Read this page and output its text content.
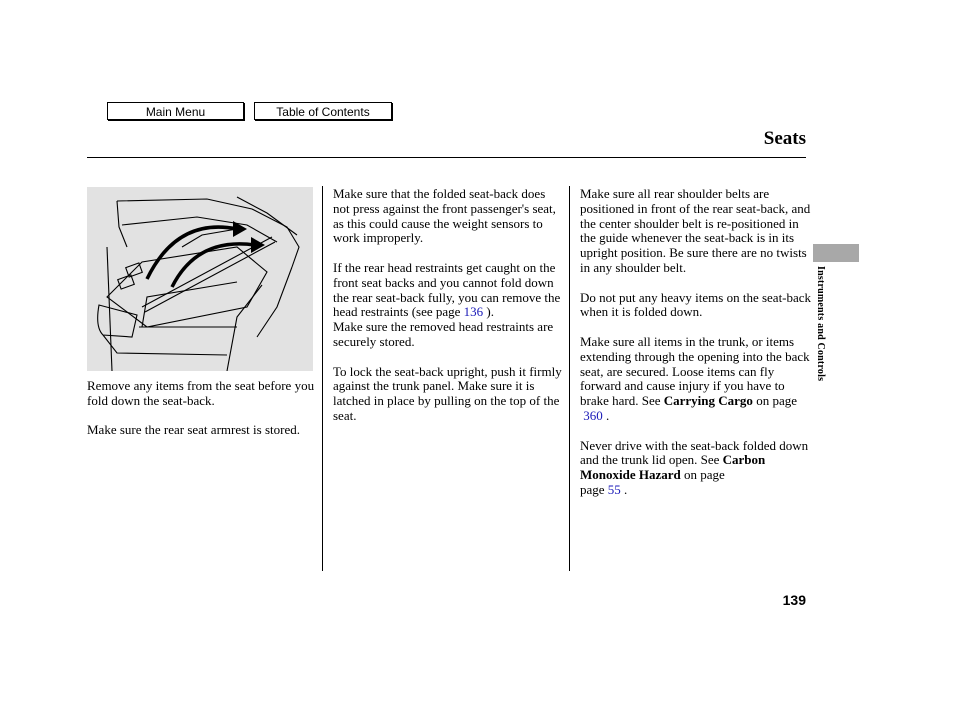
Main Menu	Table of Contents
Seats

Remove any items from the seat before you fold down the seat-back.

Make sure the rear seat armrest is stored.

Make sure that the folded seat-back does not press against the front passenger's seat, as this could cause the weight sensors to work improperly.

If the rear head restraints get caught on the front seat backs and you cannot fold down the rear seat-back fully, you can remove the head restraints (see page 136 ).

Make sure the removed head restraints are securely stored.

To lock the seat-back upright, push it firmly against the trunk panel. Make sure it is latched in place by pulling on the top of the seat.

Make sure all rear shoulder belts are positioned in front of the rear seat-back, and the center shoulder belt is re-positioned in the guide whenever the seat-back is in its upright position. Be sure there are no twists in any shoulder belt.

Do not put any heavy items on the seat-back when it is folded down.

Make sure all items in the trunk, or items extending through the opening into the back seat, are secured. Loose items can fly forward and cause injury if you have to brake hard. See Carrying Cargo on page
360 .

Never drive with the seat-back folded down and the trunk lid open. See Carbon Monoxide Hazard on page
page 55 .

Instruments and Controls
139
